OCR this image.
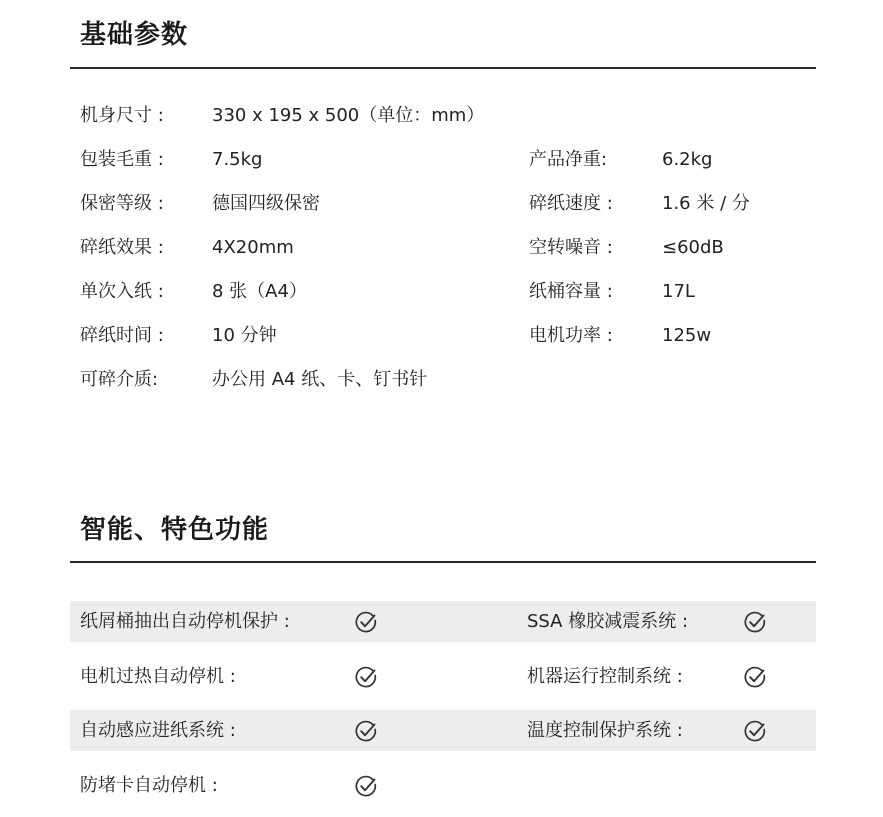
基础参数
机身尺寸 :	330 x 195 x 500（单位：mm）
包装毛重 :	7.5kg	产品净重:	6.2kg
保密等级 :	德国四级保密	碎纸速度 :	1.6 米 / 分
碎纸效果 :	4X20mm	空转噪音 :	≤60dB
单次入纸 :	8 张（A4）	纸桶容量 :	17L
碎纸时间 :	10 分钟	电机功率 :	125w
可碎介质:	办公用 A4 纸、卡、钉书针
智能、特色功能
纸屑桶抽出自动停机保护 :	SSA 橡胶减震系统 :
电机过热自动停机 :	机器运行控制系统 :
自动感应进纸系统 :	温度控制保护系统 :
防堵卡自动停机 :
